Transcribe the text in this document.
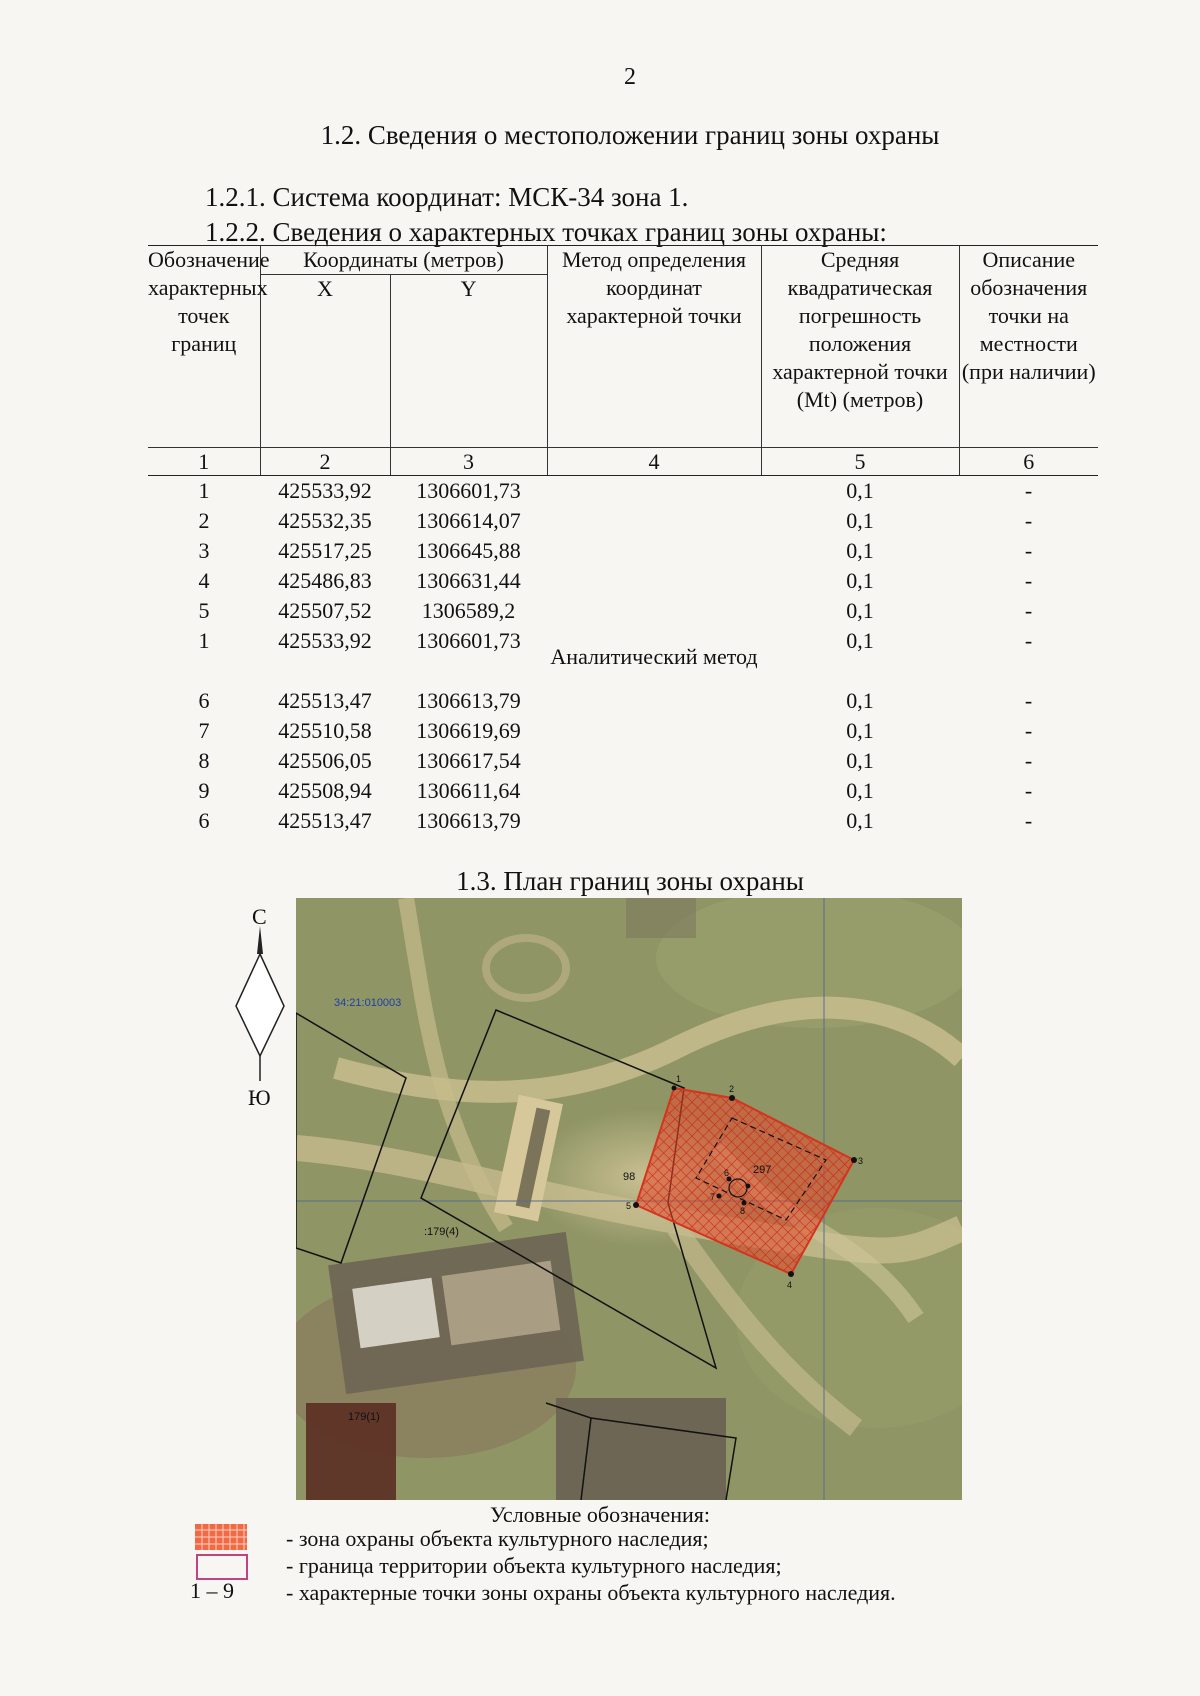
2
1.2. Сведения о местоположении границ зоны охраны
1.2.1. Система координат: МСК-34 зона 1.
1.2.2. Сведения о характерных точках границ зоны охраны:
Обозначение характерных точек границ	Координаты (метров)		Метод определения координат характерной точки	Средняя квадратическая погрешность положения характерной точки (Mt) (метров)	Описание обозначения точки на местности (при наличии)
	X	Y			
1	2	3	4	5	6
1	425533,92	1306601,73	Аналитический метод	0,1	-
2	425532,35	1306614,07		0,1	-
3	425517,25	1306645,88		0,1	-
4	425486,83	1306631,44		0,1	-
5	425507,52	1306589,2		0,1	-
1	425533,92	1306601,73		0,1	-

6	425513,47	1306613,79		0,1	-
7	425510,58	1306619,69		0,1	-
8	425506,05	1306617,54		0,1	-
9	425508,94	1306611,64		0,1	-
6	425513,47	1306613,79		0,1	-
1.3. План границ зоны охраны
С
Ю
34:21:010003
:179(4)
179(1)
297
98
1
2
3
4
5
6
7
8
Условные обозначения:
- зона охраны объекта культурного наследия;
- граница территории объекта культурного наследия;
1 – 9 - характерные точки зоны охраны объекта культурного наследия.
